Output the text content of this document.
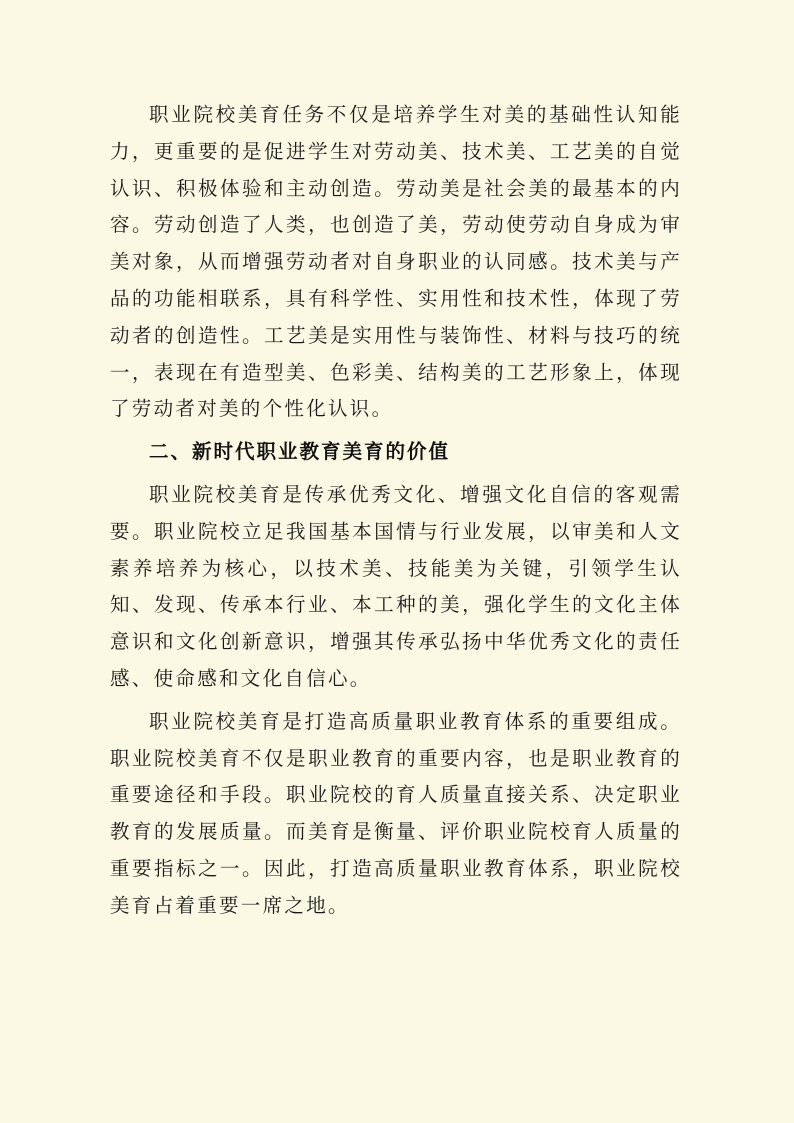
职业院校美育任务不仅是培养学生对美的基础性认知能力，更重要的是促进学生对劳动美、技术美、工艺美的自觉认识、积极体验和主动创造。劳动美是社会美的最基本的内容。劳动创造了人类，也创造了美，劳动使劳动自身成为审美对象，从而增强劳动者对自身职业的认同感。技术美与产品的功能相联系，具有科学性、实用性和技术性，体现了劳动者的创造性。工艺美是实用性与装饰性、材料与技巧的统一，表现在有造型美、色彩美、结构美的工艺形象上，体现了劳动者对美的个性化认识。

二、新时代职业教育美育的价值

职业院校美育是传承优秀文化、增强文化自信的客观需要。职业院校立足我国基本国情与行业发展，以审美和人文素养培养为核心，以技术美、技能美为关键，引领学生认知、发现、传承本行业、本工种的美，强化学生的文化主体意识和文化创新意识，增强其传承弘扬中华优秀文化的责任感、使命感和文化自信心。

职业院校美育是打造高质量职业教育体系的重要组成。职业院校美育不仅是职业教育的重要内容，也是职业教育的重要途径和手段。职业院校的育人质量直接关系、决定职业教育的发展质量。而美育是衡量、评价职业院校育人质量的重要指标之一。因此，打造高质量职业教育体系，职业院校美育占着重要一席之地。
